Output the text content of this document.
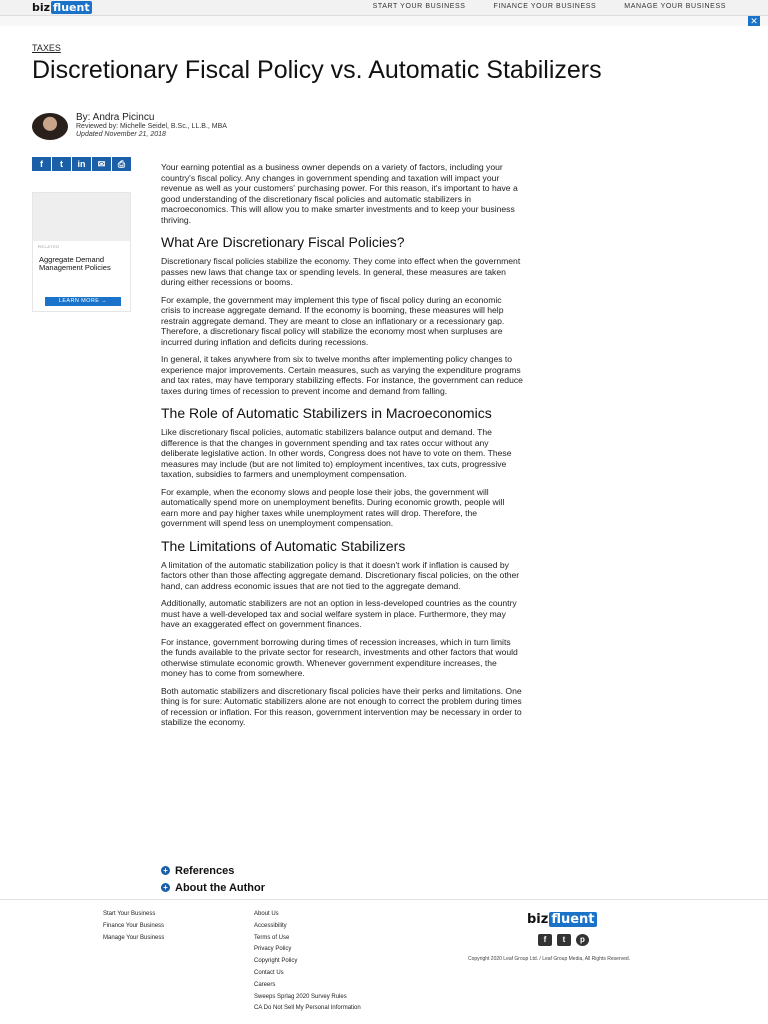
biz fluent	START YOUR BUSINESS	FINANCE YOUR BUSINESS	MANAGE YOUR BUSINESS
✕
TAXES
Discretionary Fiscal Policy vs. Automatic Stabilizers
By: Andra Picincu
Reviewed by: Michelle Seidel, B.Sc., LL.B., MBA
Updated November 21, 2018
f	t	in	✉	⎙
RELATED
Aggregate Demand Management Policies
LEARN MORE →

Your earning potential as a business owner depends on a variety of factors, including your country's fiscal policy. Any changes in government spending and taxation will impact your revenue as well as your customers' purchasing power. For this reason, it's important to have a good understanding of the discretionary fiscal policies and automatic stabilizers in macroeconomics. This will allow you to make smarter investments and to keep your business thriving.

What Are Discretionary Fiscal Policies?

Discretionary fiscal policies stabilize the economy. They come into effect when the government passes new laws that change tax or spending levels. In general, these measures are taken during either recessions or booms.

For example, the government may implement this type of fiscal policy during an economic crisis to increase aggregate demand. If the economy is booming, these measures will help restrain aggregate demand. They are meant to close an inflationary or a recessionary gap. Therefore, a discretionary fiscal policy will stabilize the economy most when surpluses are incurred during inflation and deficits during recessions.

In general, it takes anywhere from six to twelve months after implementing policy changes to experience major improvements. Certain measures, such as varying the expenditure programs and tax rates, may have temporary stabilizing effects. For instance, the government can reduce taxes during times of recession to prevent income and demand from falling.

The Role of Automatic Stabilizers in Macroeconomics

Like discretionary fiscal policies, automatic stabilizers balance output and demand. The difference is that the changes in government spending and tax rates occur without any deliberate legislative action. In other words, Congress does not have to vote on them. These measures may include (but are not limited to) employment incentives, tax cuts, progressive taxation, subsidies to farmers and unemployment compensation.

For example, when the economy slows and people lose their jobs, the government will automatically spend more on unemployment benefits. During economic growth, people will earn more and pay higher taxes while unemployment rates will drop. Therefore, the government will spend less on unemployment compensation.

The Limitations of Automatic Stabilizers

A limitation of the automatic stabilization policy is that it doesn't work if inflation is caused by factors other than those affecting aggregate demand. Discretionary fiscal policies, on the other hand, can address economic issues that are not tied to the aggregate demand.

Additionally, automatic stabilizers are not an option in less-developed countries as the country must have a well-developed tax and social welfare system in place. Furthermore, they may have an exaggerated effect on government finances.

For instance, government borrowing during times of recession increases, which in turn limits the funds available to the private sector for research, investments and other factors that would otherwise stimulate economic growth. Whenever government expenditure increases, the money has to come from somewhere.

Both automatic stabilizers and discretionary fiscal policies have their perks and limitations. One thing is for sure: Automatic stabilizers alone are not enough to correct the problem during times of recession or inflation. For this reason, government intervention may be necessary in order to stabilize the economy.

+ References
+ About the Author
Start Your Business
Finance Your Business
Manage Your Business
About Us
Accessibility
Terms of Use
Privacy Policy
Copyright Policy
Contact Us
Careers
Sweeps Sprlag 2020 Survey Rules
CA Do Not Sell My Personal Information
biz fluent
f	t	p
Copyright 2020 Leaf Group Ltd. / Leaf Group Media, All Rights Reserved.
